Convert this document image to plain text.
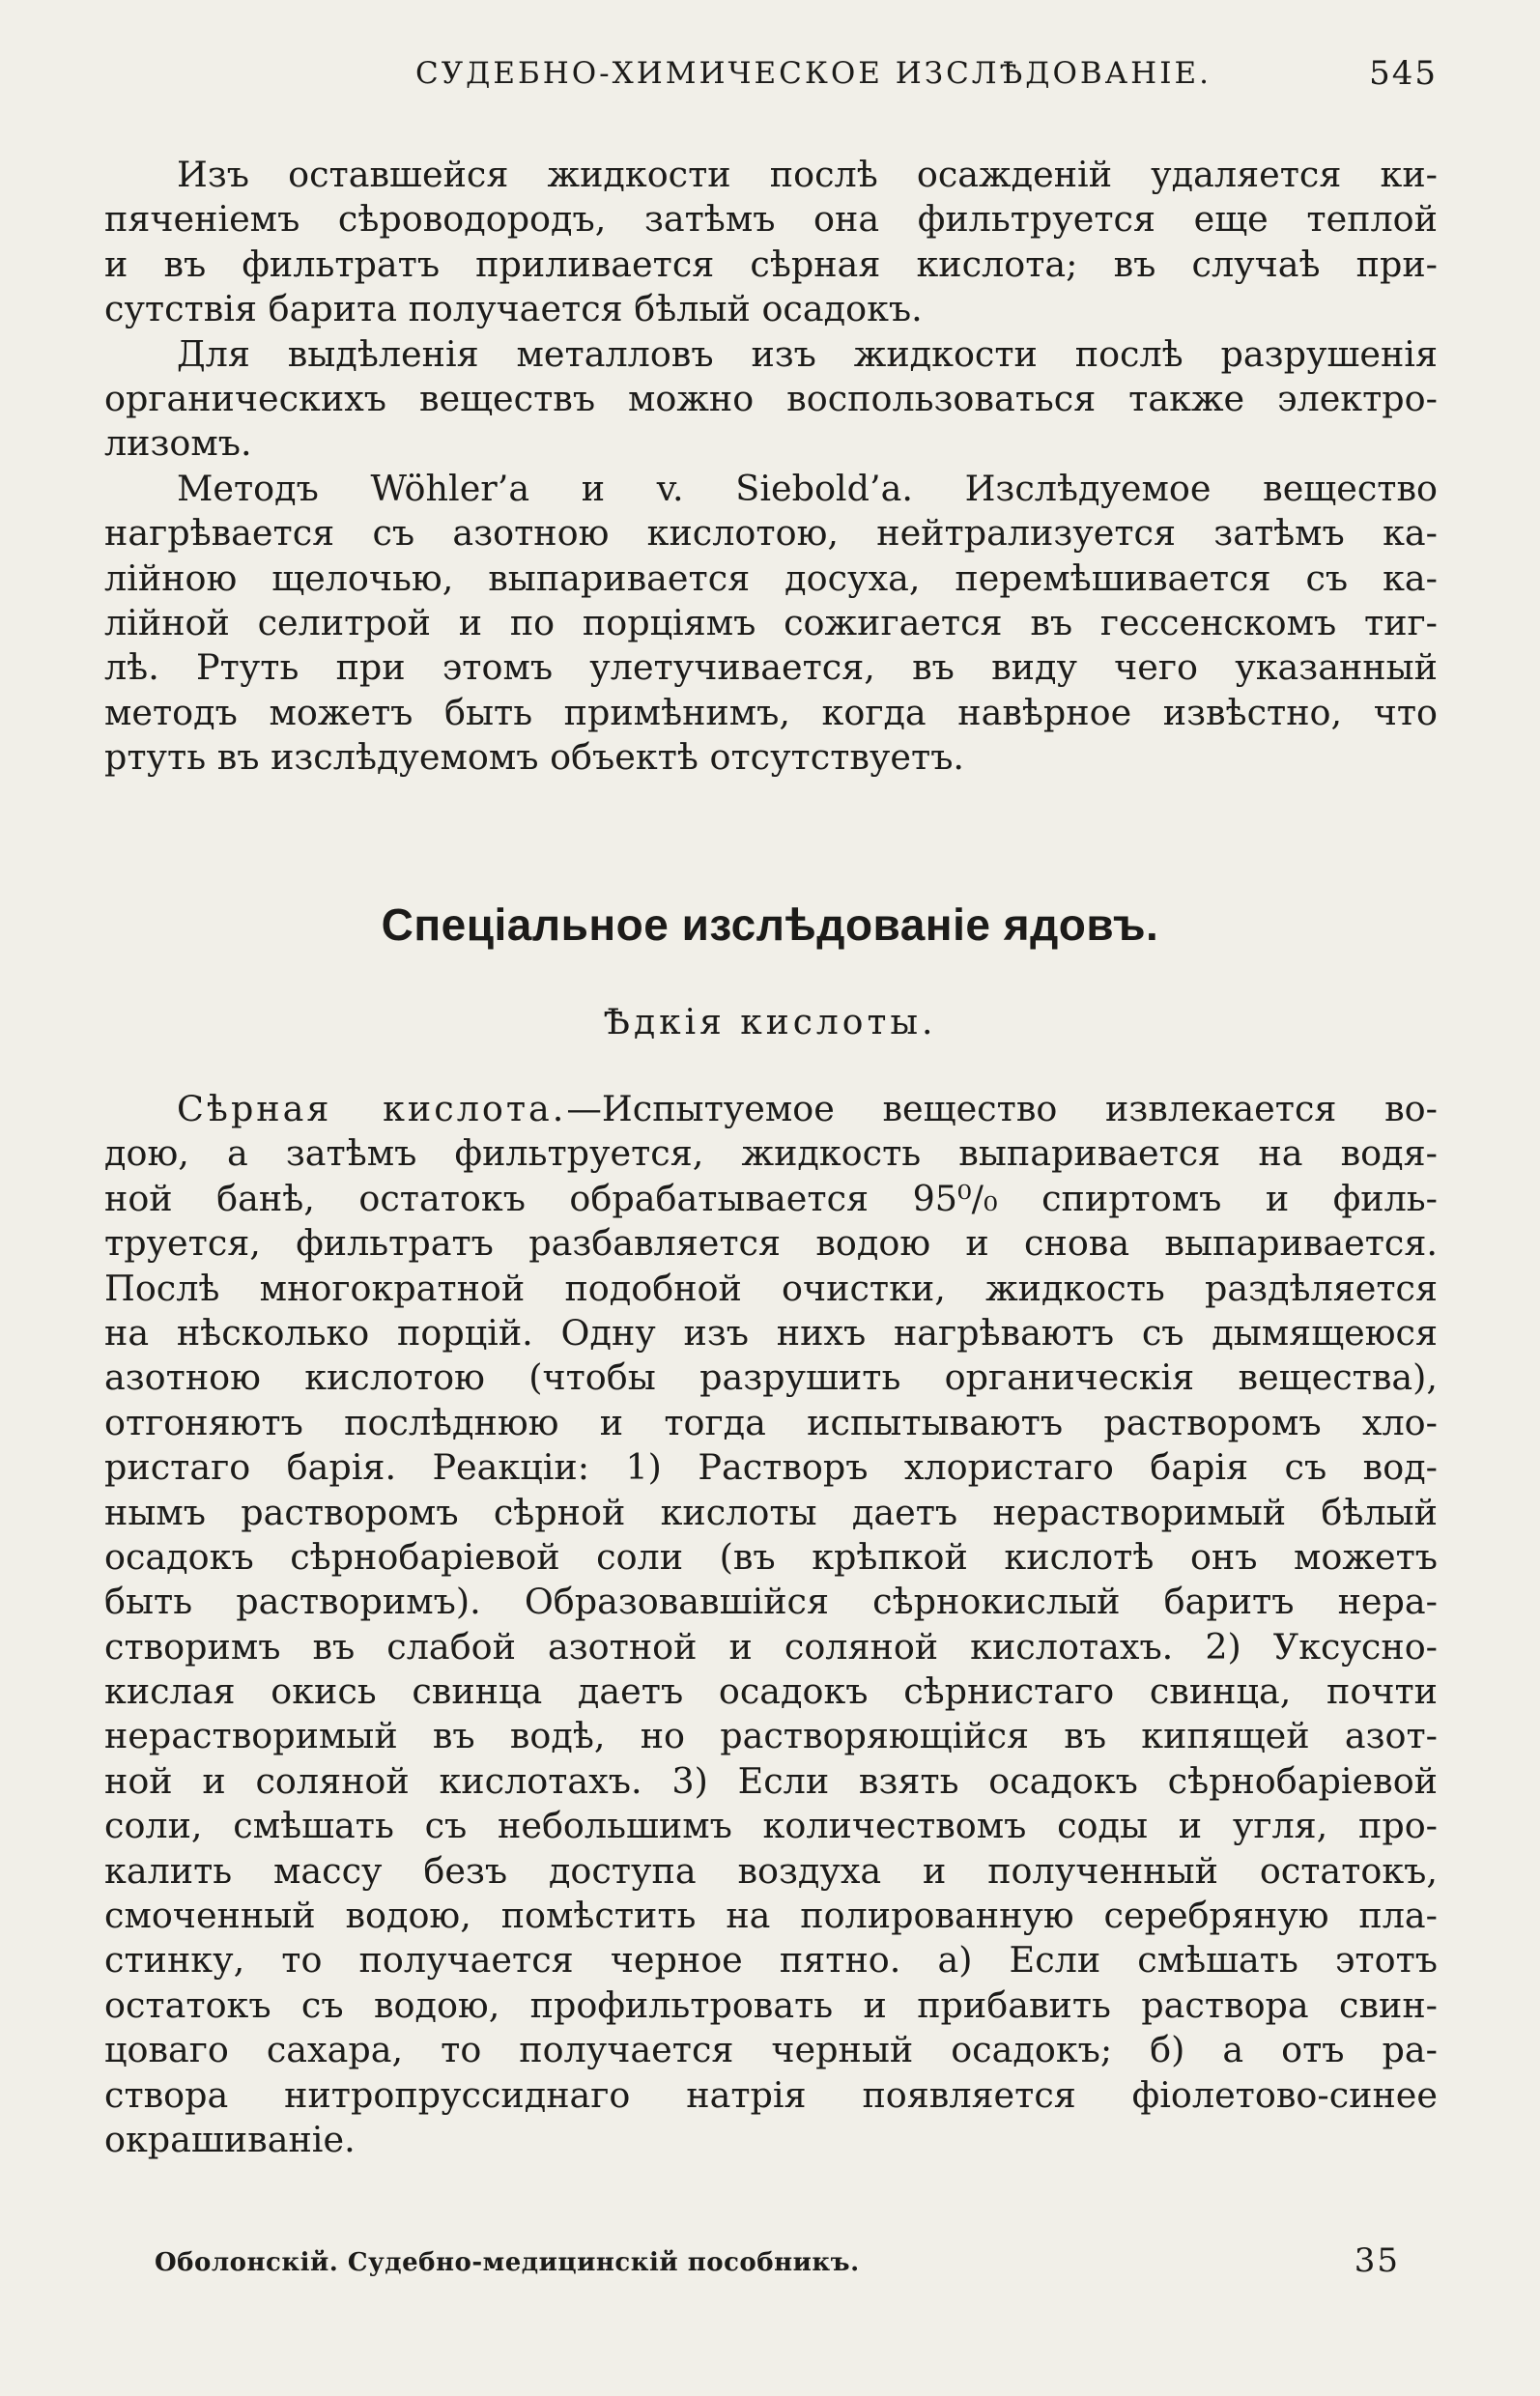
СУДЕБНО-ХИМИЧЕСКОЕ ИЗСЛѢДОВАНІЕ.	545
Изъ оставшейся жидкости послѣ осажденій удаляется ки-
пяченіемъ сѣроводородъ, затѣмъ она фильтруется еще теплой
и въ фильтратъ приливается сѣрная кислота; въ случаѣ при-
сутствія барита получается бѣлый осадокъ.
Для выдѣленія металловъ изъ жидкости послѣ разрушенія
органическихъ веществъ можно воспользоваться также электро-
лизомъ.
Методъ Wöhler’a и v. Siebold’a. Изслѣдуемое вещество
нагрѣвается съ азотною кислотою, нейтрализуется затѣмъ ка-
лійною щелочью, выпаривается досуха, перемѣшивается съ ка-
лійной селитрой и по порціямъ сожигается въ гессенскомъ тиг-
лѣ. Ртуть при этомъ улетучивается, въ виду чего указанный
методъ можетъ быть примѣнимъ, когда навѣрное извѣстно, что
ртуть въ изслѣдуемомъ объектѣ отсутствуетъ.
Спеціальное изслѣдованіе ядовъ.
Ѣдкія кислоты.
Сѣрная кислота.—Испытуемое вещество извлекается во-
дою, а затѣмъ фильтруется, жидкость выпаривается на водя-
ной банѣ, остатокъ обрабатывается 95⁰/₀ спиртомъ и филь-
труется, фильтратъ разбавляется водою и снова выпаривается.
Послѣ многократной подобной очистки, жидкость раздѣляется
на нѣсколько порцій. Одну изъ нихъ нагрѣваютъ съ дымящеюся
азотною кислотою (чтобы разрушить органическія вещества),
отгоняютъ послѣднюю и тогда испытываютъ растворомъ хло-
ристаго барія. Реакціи: 1) Растворъ хлористаго барія съ вод-
нымъ растворомъ сѣрной кислоты даетъ нерастворимый бѣлый
осадокъ сѣрнобаріевой соли (въ крѣпкой кислотѣ онъ можетъ
быть растворимъ). Образовавшійся сѣрнокислый баритъ нера-
створимъ въ слабой азотной и соляной кислотахъ. 2) Уксусно-
кислая окись свинца даетъ осадокъ сѣрнистаго свинца, почти
нерастворимый въ водѣ, но растворяющійся въ кипящей азот-
ной и соляной кислотахъ. 3) Если взять осадокъ сѣрнобаріевой
соли, смѣшать съ небольшимъ количествомъ соды и угля, про-
калить массу безъ доступа воздуха и полученный остатокъ,
смоченный водою, помѣстить на полированную серебряную пла-
стинку, то получается черное пятно. а) Если смѣшать этотъ
остатокъ съ водою, профильтровать и прибавить раствора свин-
цоваго сахара, то получается черный осадокъ; б) а отъ ра-
створа нитропруссиднаго натрія появляется фіолетово-синее
окрашиваніе.
Оболонскій. Судебно-медицинскій пособникъ.	35
